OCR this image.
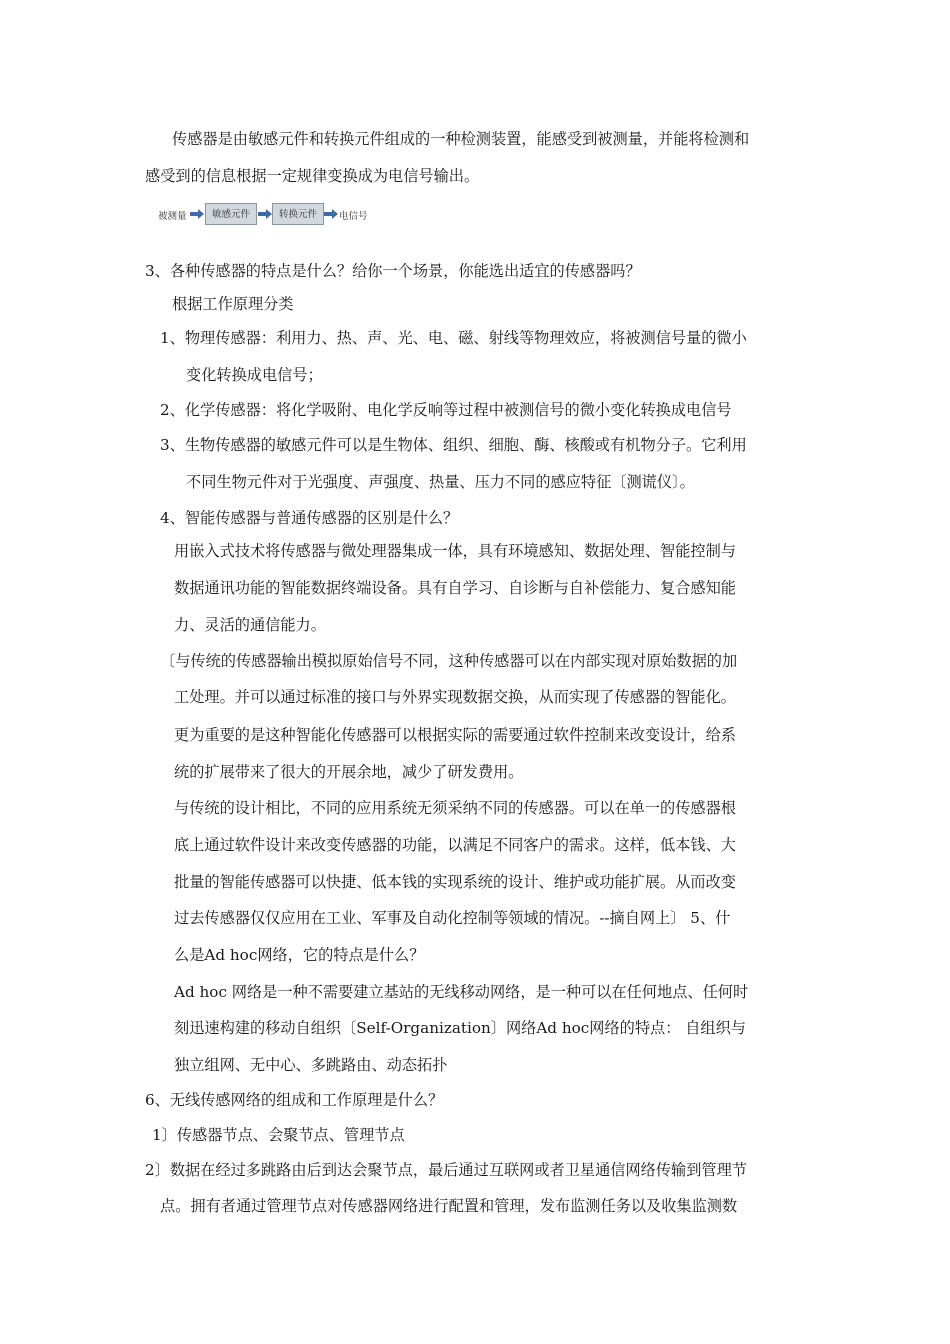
传感器是由敏感元件和转换元件组成的一种检测装置，能感受到被测量，并能将检测和
感受到的信息根据一定规律变换成为电信号输出。
被测量	敏感元件	转换元件	电信号
3、各种传感器的特点是什么？给你一个场景，你能选出适宜的传感器吗？
根据工作原理分类
1、物理传感器：利用力、热、声、光、电、磁、射线等物理效应，将被测信号量的微小
变化转换成电信号；
2、化学传感器：将化学吸附、电化学反响等过程中被测信号的微小变化转换成电信号
3、生物传感器的敏感元件可以是生物体、组织、细胞、酶、核酸或有机物分子。它利用
不同生物元件对于光强度、声强度、热量、压力不同的感应特征〔测谎仪〕。
4、智能传感器与普通传感器的区别是什么？
用嵌入式技术将传感器与微处理器集成一体，具有环境感知、数据处理、智能控制与
数据通讯功能的智能数据终端设备。具有自学习、自诊断与自补偿能力、复合感知能
力、灵活的通信能力。
〔与传统的传感器输出模拟原始信号不同，这种传感器可以在内部实现对原始数据的加
工处理。并可以通过标准的接口与外界实现数据交换，从而实现了传感器的智能化。
更为重要的是这种智能化传感器可以根据实际的需要通过软件控制来改变设计，给系
统的扩展带来了很大的开展余地，减少了研发费用。
与传统的设计相比，不同的应用系统无须采纳不同的传感器。可以在单一的传感器根
底上通过软件设计来改变传感器的功能，以满足不同客户的需求。这样，低本钱、大
批量的智能传感器可以快捷、低本钱的实现系统的设计、维护或功能扩展。从而改变
过去传感器仅仅应用在工业、军事及自动化控制等领域的情况。--摘自网上〕 5、什
么是Ad hoc网络，它的特点是什么？
Ad hoc 网络是一种不需要建立基站的无线移动网络，是一种可以在任何地点、任何时
刻迅速构建的移动自组织〔Self-Organization〕网络Ad hoc网络的特点： 自组织与
独立组网、无中心、多跳路由、动态拓扑
6、无线传感网络的组成和工作原理是什么？
1〕传感器节点、会聚节点、管理节点
2〕数据在经过多跳路由后到达会聚节点，最后通过互联网或者卫星通信网络传输到管理节
点。拥有者通过管理节点对传感器网络进行配置和管理，发布监测任务以及收集监测数
